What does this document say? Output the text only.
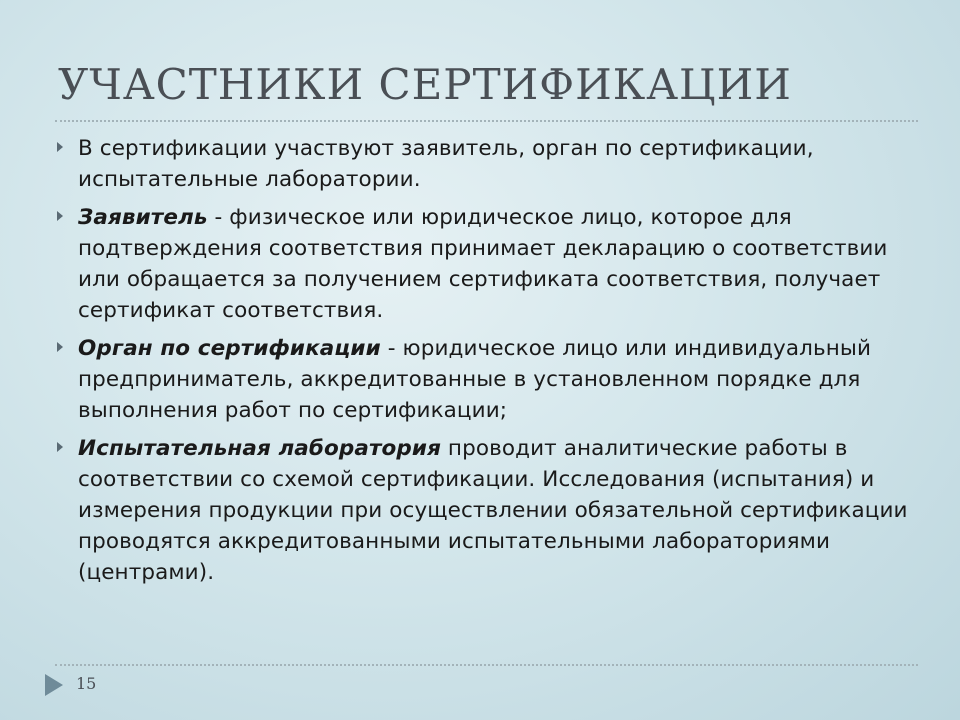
УЧАСТНИКИ СЕРТИФИКАЦИИ
В сертификации участвуют заявитель, орган по сертификации, испытательные лаборатории.
Заявитель - физическое или юридическое лицо, которое для подтверждения соответствия принимает декларацию о соответствии или обращается за получением сертификата соответствия, получает сертификат соответствия.
Орган по сертификации - юридическое лицо или индивидуальный предприниматель, аккредитованные в установленном порядке для выполнения работ по сертификации;
Испытательная лаборатория проводит аналитические работы в соответствии со схемой сертификации. Исследования (испытания) и измерения продукции при осуществлении обязательной сертификации проводятся аккредитованными испытательными лабораториями (центрами).
15
